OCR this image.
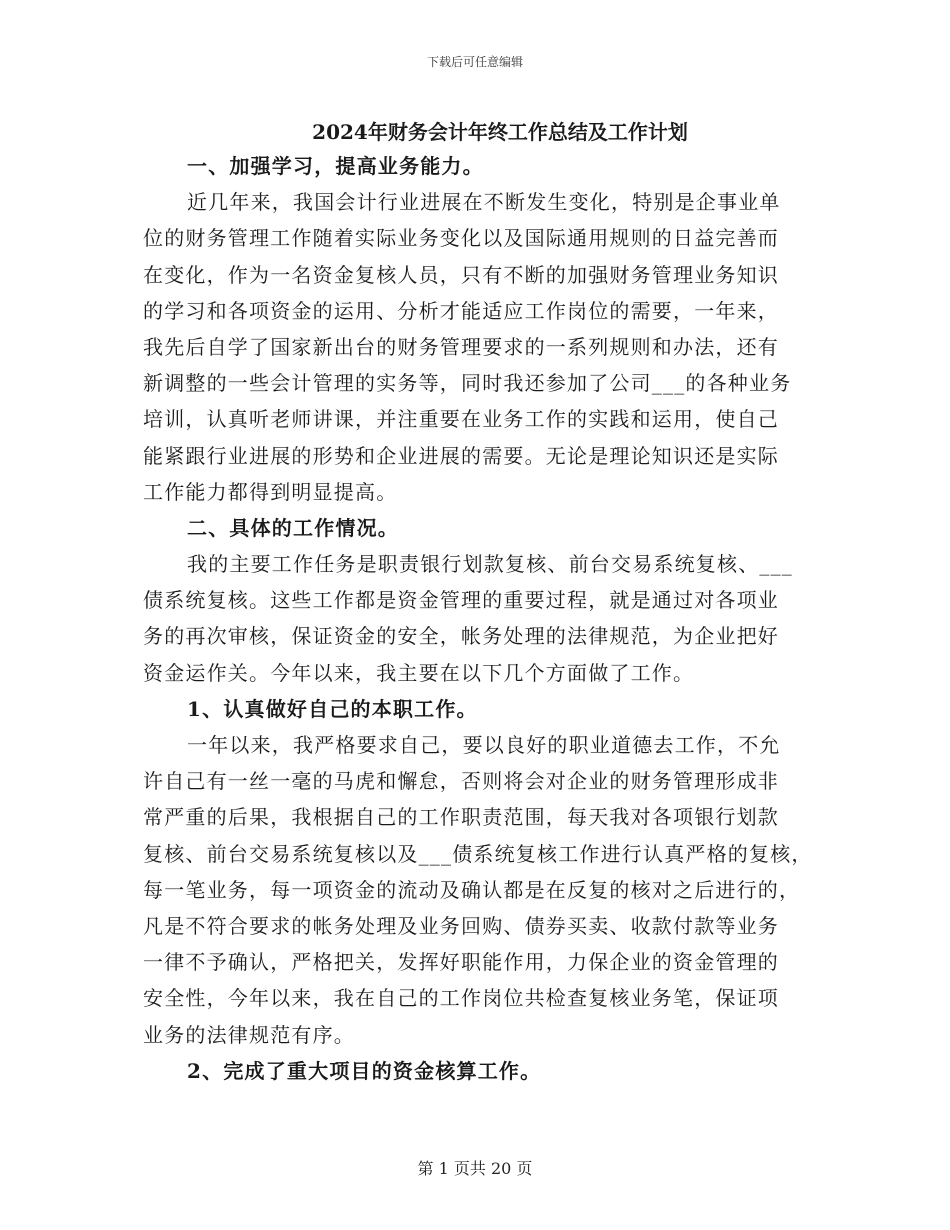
下载后可任意编辑
2024年财务会计年终工作总结及工作计划
一、加强学习，提高业务能力。
近几年来，我国会计行业进展在不断发生变化，特别是企事业单
位的财务管理工作随着实际业务变化以及国际通用规则的日益完善而
在变化，作为一名资金复核人员，只有不断的加强财务管理业务知识
的学习和各项资金的运用、分析才能适应工作岗位的需要，一年来，
我先后自学了国家新出台的财务管理要求的一系列规则和办法，还有
新调整的一些会计管理的实务等，同时我还参加了公司___的各种业务
培训，认真听老师讲课，并注重要在业务工作的实践和运用，使自己
能紧跟行业进展的形势和企业进展的需要。无论是理论知识还是实际
工作能力都得到明显提高。
二、具体的工作情况。
我的主要工作任务是职责银行划款复核、前台交易系统复核、___
债系统复核。这些工作都是资金管理的重要过程，就是通过对各项业
务的再次审核，保证资金的安全，帐务处理的法律规范，为企业把好
资金运作关。今年以来，我主要在以下几个方面做了工作。
1、认真做好自己的本职工作。
一年以来，我严格要求自己，要以良好的职业道德去工作，不允
许自己有一丝一毫的马虎和懈怠，否则将会对企业的财务管理形成非
常严重的后果，我根据自己的工作职责范围，每天我对各项银行划款
复核、前台交易系统复核以及___债系统复核工作进行认真严格的复核，
每一笔业务，每一项资金的流动及确认都是在反复的核对之后进行的，
凡是不符合要求的帐务处理及业务回购、债券买卖、收款付款等业务
一律不予确认，严格把关，发挥好职能作用，力保企业的资金管理的
安全性，今年以来，我在自己的工作岗位共检查复核业务笔，保证项
业务的法律规范有序。
2、完成了重大项目的资金核算工作。
第 1 页共 20 页
